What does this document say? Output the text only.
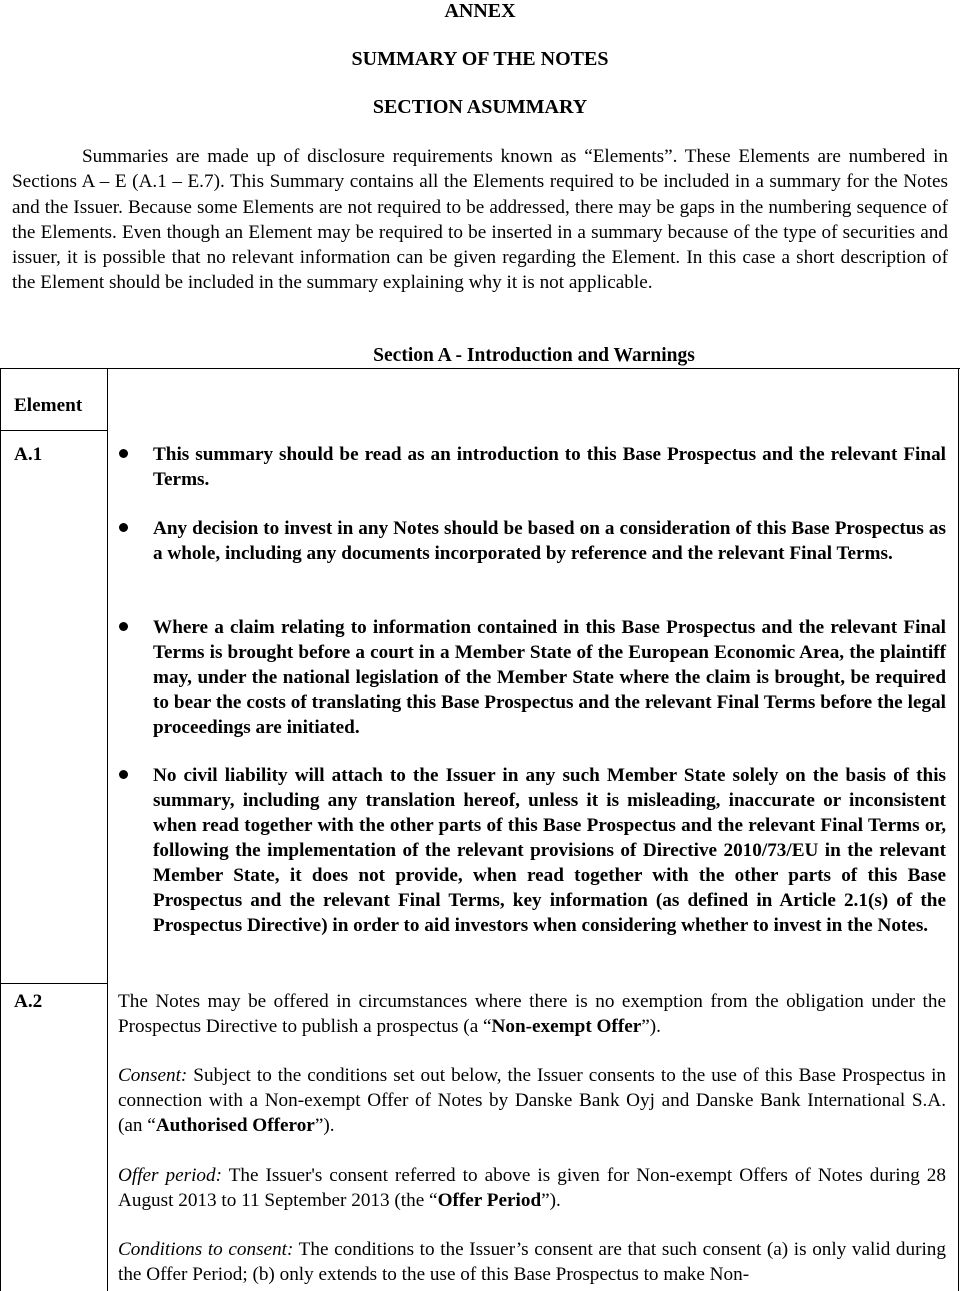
ANNEX
SUMMARY OF THE NOTES
SECTION ASUMMARY
Summaries are made up of disclosure requirements known as “Elements”. These Elements are numbered in Sections A – E (A.1 – E.7). This Summary contains all the Elements required to be included in a summary for the Notes and the Issuer. Because some Elements are not required to be addressed, there may be gaps in the numbering sequence of the Elements. Even though an Element may be required to be inserted in a summary because of the type of securities and issuer, it is possible that no relevant information can be given regarding the Element. In this case a short description of the Element should be included in the summary explaining why it is not applicable.
Section A - Introduction and Warnings
Element
A.1	This summary should be read as an introduction to this Base Prospectus and the relevant Final Terms.
Any decision to invest in any Notes should be based on a consideration of this Base Prospectus as a whole, including any documents incorporated by reference and the relevant Final Terms.
Where a claim relating to information contained in this Base Prospectus and the relevant Final Terms is brought before a court in a Member State of the European Economic Area, the plaintiff may, under the national legislation of the Member State where the claim is brought, be required to bear the costs of translating this Base Prospectus and the relevant Final Terms before the legal proceedings are initiated.
No civil liability will attach to the Issuer in any such Member State solely on the basis of this summary, including any translation hereof, unless it is misleading, inaccurate or inconsistent when read together with the other parts of this Base Prospectus and the relevant Final Terms or, following the implementation of the relevant provisions of Directive 2010/73/EU in the relevant Member State, it does not provide, when read together with the other parts of this Base Prospectus and the relevant Final Terms, key information (as defined in Article 2.1(s) of the Prospectus Directive) in order to aid investors when considering whether to invest in the Notes.
A.2	The Notes may be offered in circumstances where there is no exemption from the obligation under the Prospectus Directive to publish a prospectus (a “Non-exempt Offer”).
Consent: Subject to the conditions set out below, the Issuer consents to the use of this Base Prospectus in connection with a Non-exempt Offer of Notes by Danske Bank Oyj and Danske Bank International S.A. (an “Authorised Offeror”).
Offer period: The Issuer's consent referred to above is given for Non-exempt Offers of Notes during 28 August 2013 to 11 September 2013 (the “Offer Period”).
Conditions to consent: The conditions to the Issuer’s consent are that such consent (a) is only valid during the Offer Period; (b) only extends to the use of this Base Prospectus to make Non-
